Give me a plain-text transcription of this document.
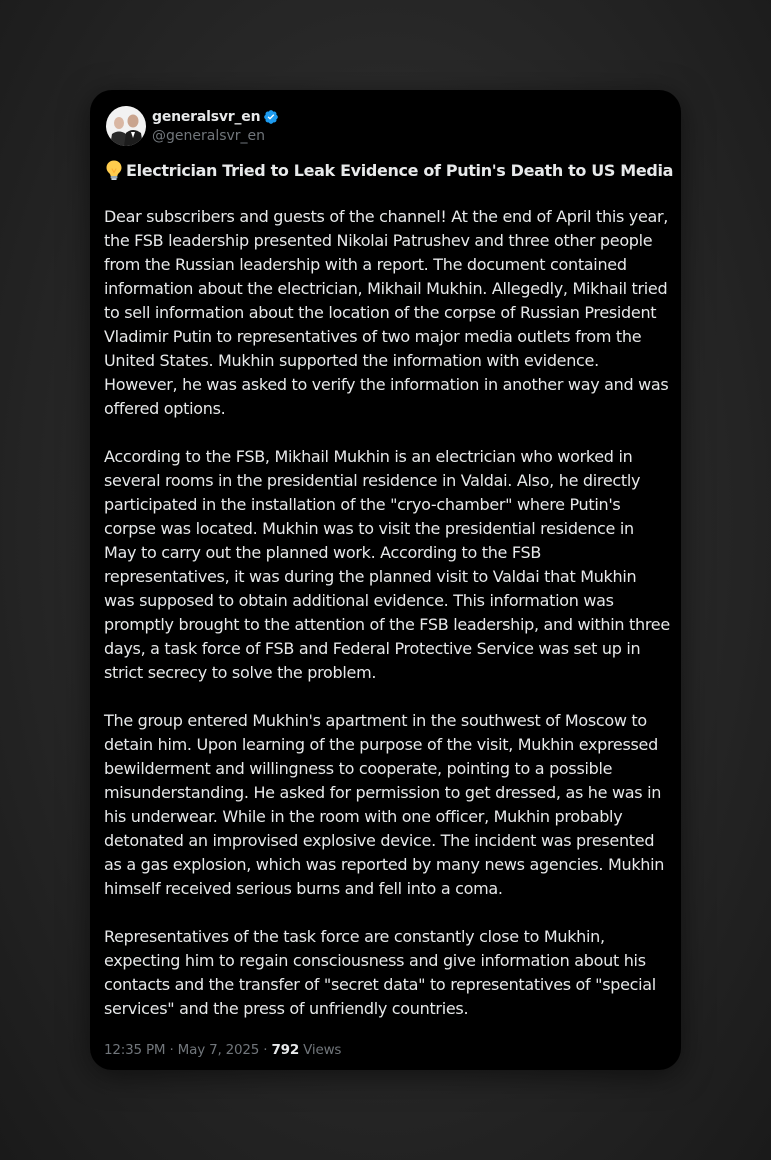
generalsvr_en
@generalsvr_en
Electrician Tried to Leak Evidence of Putin's Death to US Media

Dear subscribers and guests of the channel! At the end of April this year, the FSB leadership presented Nikolai Patrushev and three other people from the Russian leadership with a report. The document contained information about the electrician, Mikhail Mukhin. Allegedly, Mikhail tried to sell information about the location of the corpse of Russian President Vladimir Putin to representatives of two major media outlets from the United States. Mukhin supported the information with evidence. However, he was asked to verify the information in another way and was offered options.

According to the FSB, Mikhail Mukhin is an electrician who worked in several rooms in the presidential residence in Valdai. Also, he directly participated in the installation of the "cryo-chamber" where Putin's corpse was located. Mukhin was to visit the presidential residence in May to carry out the planned work. According to the FSB representatives, it was during the planned visit to Valdai that Mukhin was supposed to obtain additional evidence. This information was promptly brought to the attention of the FSB leadership, and within three days, a task force of FSB and Federal Protective Service was set up in strict secrecy to solve the problem.

The group entered Mukhin's apartment in the southwest of Moscow to detain him. Upon learning of the purpose of the visit, Mukhin expressed bewilderment and willingness to cooperate, pointing to a possible misunderstanding. He asked for permission to get dressed, as he was in his underwear. While in the room with one officer, Mukhin probably detonated an improvised explosive device. The incident was presented as a gas explosion, which was reported by many news agencies. Mukhin himself received serious burns and fell into a coma.

Representatives of the task force are constantly close to Mukhin, expecting him to regain consciousness and give information about his contacts and the transfer of "secret data" to representatives of "special services" and the press of unfriendly countries.

12:35 PM · May 7, 2025 · 792 Views
